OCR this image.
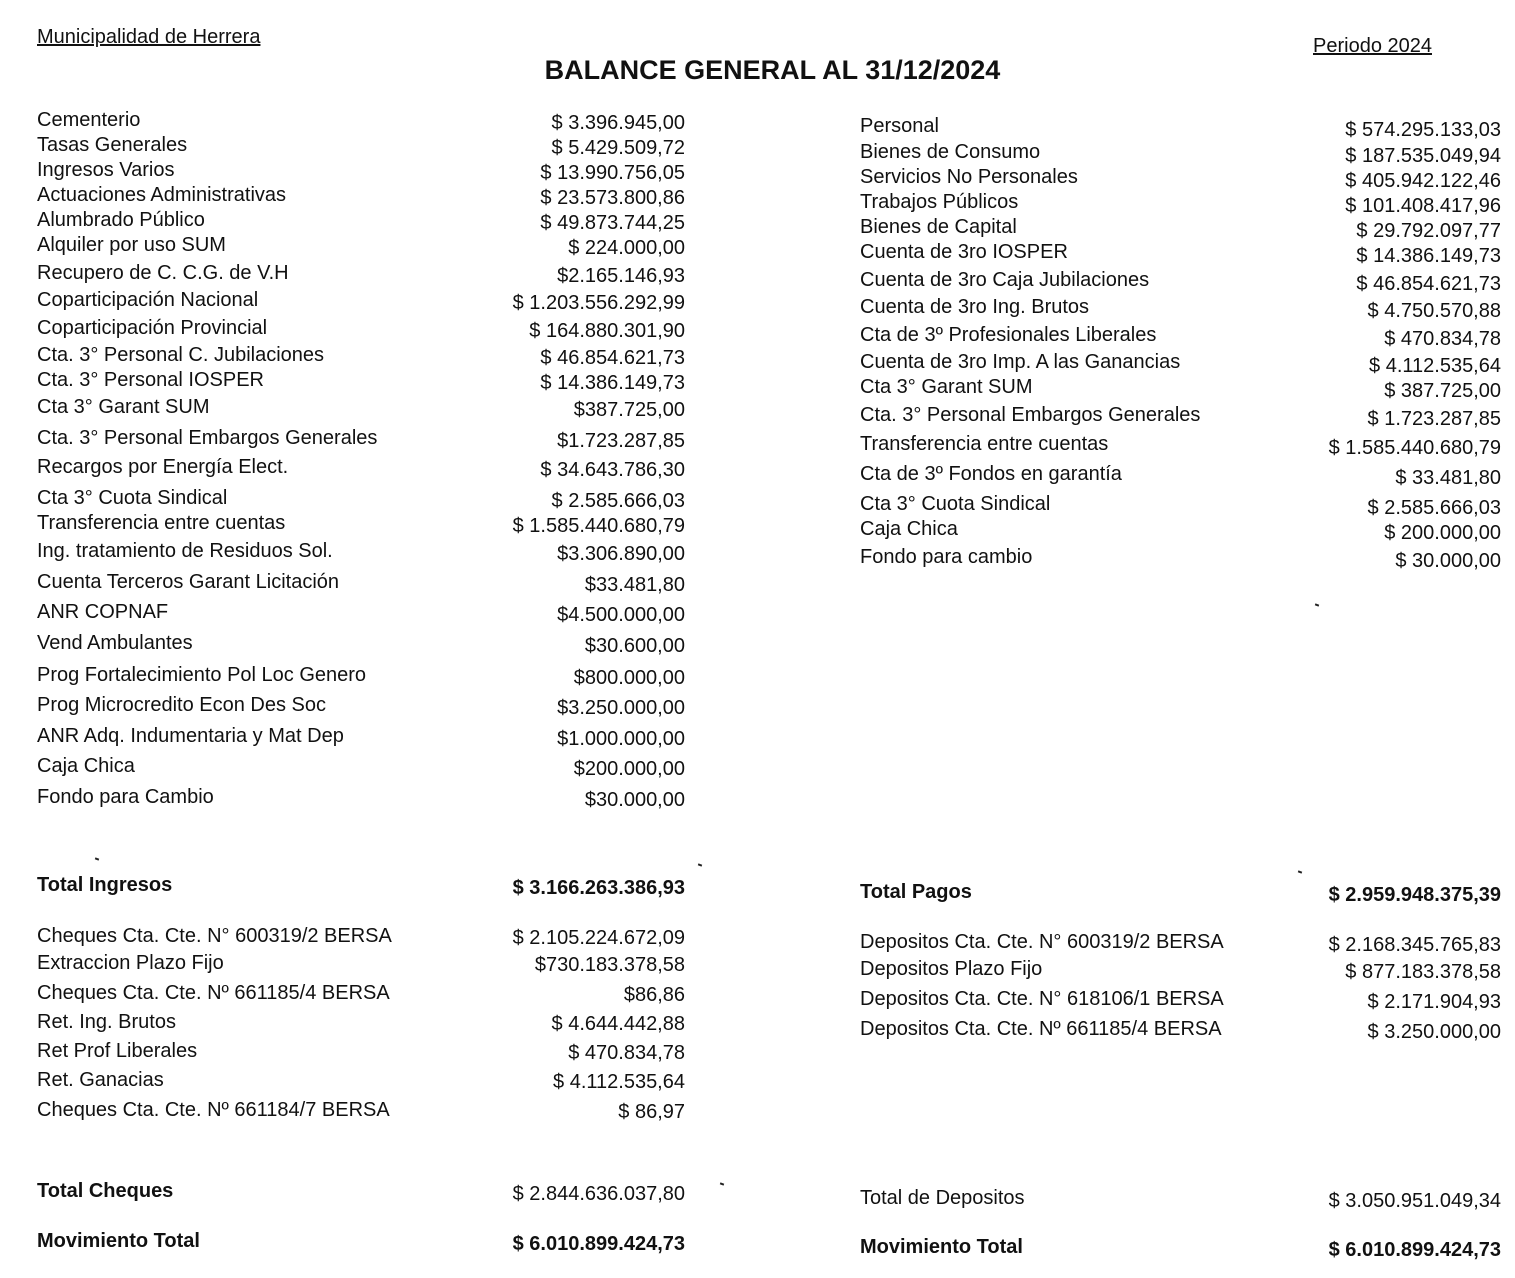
Municipalidad de Herrera	Periodo 2024
BALANCE GENERAL AL 31/12/2024
Cementerio	$ 3.396.945,00
Tasas Generales	$ 5.429.509,72
Ingresos Varios	$ 13.990.756,05
Actuaciones Administrativas	$ 23.573.800,86
Alumbrado Público	$ 49.873.744,25
Alquiler por uso SUM	$ 224.000,00
Recupero de C. C.G. de V.H	$2.165.146,93
Coparticipación Nacional	$ 1.203.556.292,99
Coparticipación Provincial	$ 164.880.301,90
Cta. 3° Personal C. Jubilaciones	$ 46.854.621,73
Cta. 3° Personal IOSPER	$ 14.386.149,73
Cta 3° Garant SUM	$387.725,00
Cta. 3° Personal Embargos Generales	$1.723.287,85
Recargos por Energía Elect.	$ 34.643.786,30
Cta 3° Cuota Sindical	$ 2.585.666,03
Transferencia entre cuentas	$ 1.585.440.680,79
Ing. tratamiento de Residuos Sol.	$3.306.890,00
Cuenta Terceros Garant Licitación	$33.481,80
ANR COPNAF	$4.500.000,00
Vend Ambulantes	$30.600,00
Prog Fortalecimiento Pol Loc Genero	$800.000,00
Prog Microcredito Econ Des Soc	$3.250.000,00
ANR Adq. Indumentaria y Mat Dep	$1.000.000,00
Caja Chica	$200.000,00
Fondo para Cambio	$30.000,00
Personal	$ 574.295.133,03
Bienes de Consumo	$ 187.535.049,94
Servicios No Personales	$ 405.942.122,46
Trabajos Públicos	$ 101.408.417,96
Bienes de Capital	$ 29.792.097,77
Cuenta de 3ro IOSPER	$ 14.386.149,73
Cuenta de 3ro Caja Jubilaciones	$ 46.854.621,73
Cuenta de 3ro Ing. Brutos	$ 4.750.570,88
Cta de 3º Profesionales Liberales	$ 470.834,78
Cuenta de 3ro Imp. A las Ganancias	$ 4.112.535,64
Cta 3° Garant SUM	$ 387.725,00
Cta. 3° Personal Embargos Generales	$ 1.723.287,85
Transferencia entre cuentas	$ 1.585.440.680,79
Cta de 3º Fondos en garantía	$ 33.481,80
Cta 3° Cuota Sindical	$ 2.585.666,03
Caja Chica	$ 200.000,00
Fondo para cambio	$ 30.000,00
Total Ingresos	$ 3.166.263.386,93	Total Pagos	$ 2.959.948.375,39
Cheques Cta. Cte. N° 600319/2 BERSA	$ 2.105.224.672,09
Extraccion Plazo Fijo	$730.183.378,58
Cheques Cta. Cte. Nº 661185/4 BERSA	$86,86
Ret. Ing. Brutos	$ 4.644.442,88
Ret Prof Liberales	$ 470.834,78
Ret. Ganacias	$ 4.112.535,64
Cheques Cta. Cte. Nº 661184/7 BERSA	$ 86,97
Depositos Cta. Cte. N° 600319/2 BERSA	$ 2.168.345.765,83
Depositos Plazo Fijo	$ 877.183.378,58
Depositos Cta. Cte. N° 618106/1 BERSA	$ 2.171.904,93
Depositos Cta. Cte. Nº 661185/4 BERSA	$ 3.250.000,00
Total Cheques	$ 2.844.636.037,80	Total de Depositos	$ 3.050.951.049,34
Movimiento Total	$ 6.010.899.424,73	Movimiento Total	$ 6.010.899.424,73
